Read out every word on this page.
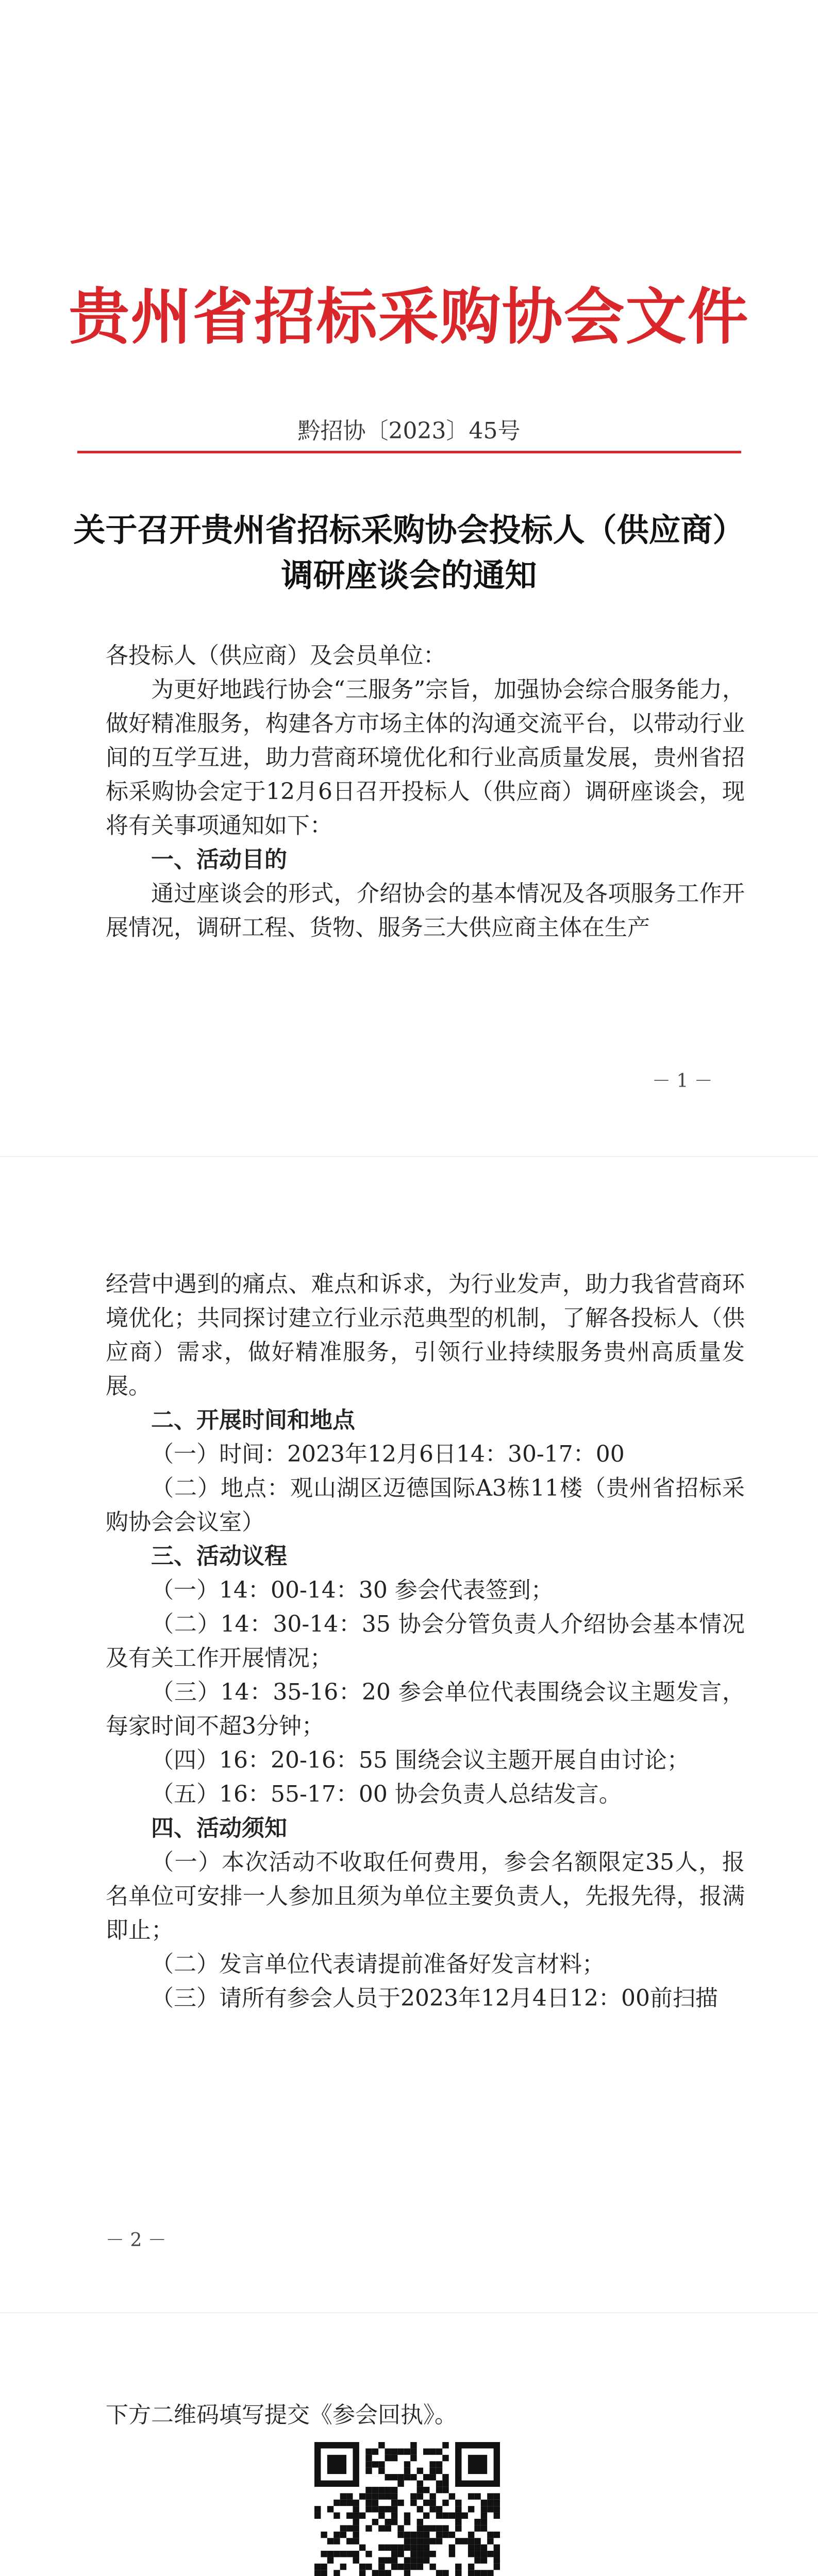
贵州省招标采购协会文件
黔招协〔2023〕45号
关于召开贵州省招标采购协会投标人（供应商）
调研座谈会的通知

各投标人（供应商）及会员单位：

为更好地践行协会“三服务”宗旨，加强协会综合服务能力，做好精准服务，构建各方市场主体的沟通交流平台，以带动行业间的互学互进，助力营商环境优化和行业高质量发展，贵州省招标采购协会定于12月6日召开投标人（供应商）调研座谈会，现将有关事项通知如下：

一、活动目的

通过座谈会的形式，介绍协会的基本情况及各项服务工作开展情况，调研工程、货物、服务三大供应商主体在生产

－ 1 －

经营中遇到的痛点、难点和诉求，为行业发声，助力我省营商环境优化；共同探讨建立行业示范典型的机制，了解各投标人（供应商）需求，做好精准服务，引领行业持续服务贵州高质量发展。

二、开展时间和地点

（一）时间：2023年12月6日14：30-17：00

（二）地点：观山湖区迈德国际A3栋11楼（贵州省招标采购协会会议室）

三、活动议程

（一）14：00-14：30 参会代表签到；

（二）14：30-14：35 协会分管负责人介绍协会基本情况及有关工作开展情况；

（三）14：35-16：20 参会单位代表围绕会议主题发言，每家时间不超3分钟；

（四）16：20-16：55 围绕会议主题开展自由讨论；

（五）16：55-17：00 协会负责人总结发言。

四、活动须知

（一）本次活动不收取任何费用，参会名额限定35人，报名单位可安排一人参加且须为单位主要负责人，先报先得，报满即止；

（二）发言单位代表请提前准备好发言材料；

（三）请所有参会人员于2023年12月4日12：00前扫描

－ 2 －
下方二维码填写提交《参会回执》。
